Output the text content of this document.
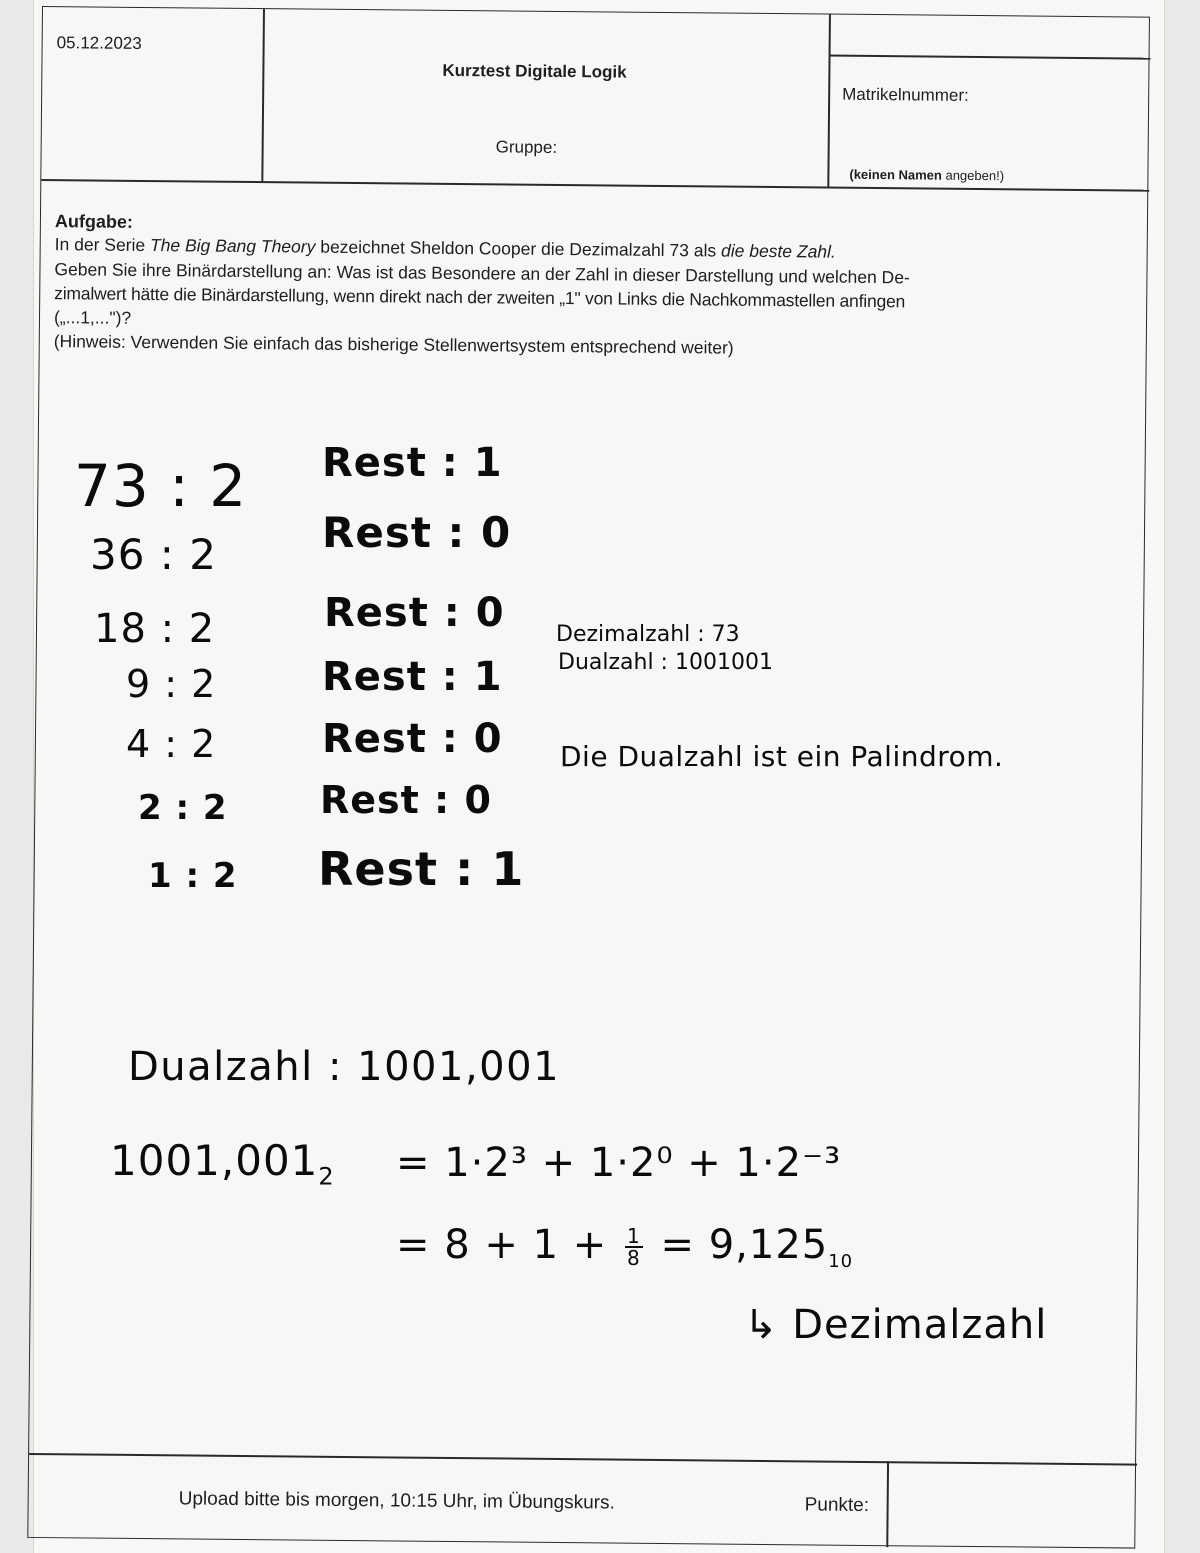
05.12.2023
Kurztest Digitale Logik
Gruppe:
Matrikelnummer:
(keinen Namen angeben!)
Aufgabe:
In der Serie The Big Bang Theory bezeichnet Sheldon Cooper die Dezimalzahl 73 als die beste Zahl.
Geben Sie ihre Binärdarstellung an: Was ist das Besondere an der Zahl in dieser Darstellung und welchen De-
zimalwert hätte die Binärdarstellung, wenn direkt nach der zweiten „1" von Links die Nachkommastellen anfingen
(„...1,...")?
(Hinweis: Verwenden Sie einfach das bisherige Stellenwertsystem entsprechend weiter)
Upload bitte bis morgen, 10:15 Uhr, im Übungskurs.	Punkte:
73 : 2
36 : 2
18 : 2
9 : 2
4 : 2
2 : 2
1 : 2
Rest : 1
Rest : 0
Rest : 0
Rest : 1
Rest : 0
Rest : 0
Rest : 1
Dezimalzahl : 73
Dualzahl : 1001001
Die Dualzahl ist ein Palindrom.
Dualzahl : 1001,001
$1001,001_2 = 1\cdot 2^3 + 1\cdot 2^0 + 1\cdot 2^{-3}$
= $8 + 1 + \frac{1}{8} = 9,125_{10}$
↳ Dezimalzahl
